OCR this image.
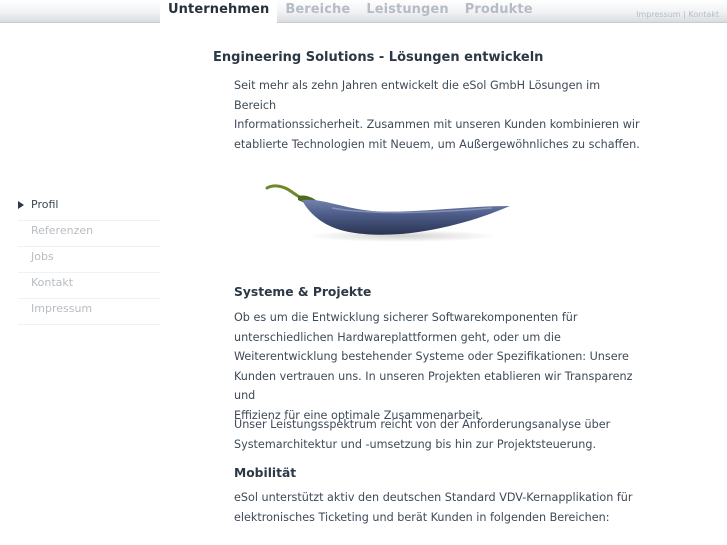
Unternehmen	Bereiche	Leistungen	Produkte	Impressum | Kontakt
Profil
Referenzen
Jobs
Kontakt
Impressum
Engineering Solutions - Lösungen entwickeln

Seit mehr als zehn Jahren entwickelt die eSol GmbH Lösungen im Bereich

Informationssicherheit. Zusammen mit unseren Kunden kombinieren wir

etablierte Technologien mit Neuem, um Außergewöhnliches zu schaffen.

Systeme & Projekte

Ob es um die Entwicklung sicherer Softwarekomponenten für

unterschiedlichen Hardwareplattformen geht, oder um die

Weiterentwicklung bestehender Systeme oder Spezifikationen: Unsere

Kunden vertrauen uns. In unseren Projekten etablieren wir Transparenz und

Effizienz für eine optimale Zusammenarbeit.

Unser Leistungsspektrum reicht von der Anforderungsanalyse über

Systemarchitektur und -umsetzung bis hin zur Projektsteuerung.

Mobilität

eSol unterstützt aktiv den deutschen Standard VDV-Kernapplikation für

elektronisches Ticketing und berät Kunden in folgenden Bereichen:
